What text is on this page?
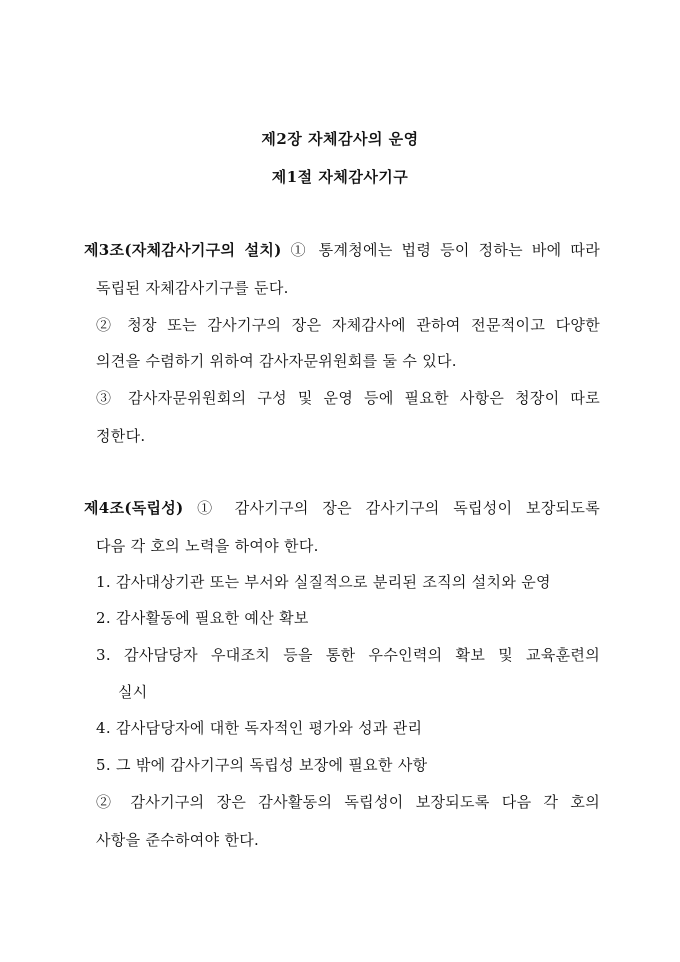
제2장 자체감사의 운영
제1절 자체감사기구
제3조(자체감사기구의 설치) ① 통계청에는 법령 등이 정하는 바에 따라
독립된 자체감사기구를 둔다.
② 청장 또는 감사기구의 장은 자체감사에 관하여 전문적이고 다양한
의견을 수렴하기 위하여 감사자문위원회를 둘 수 있다.
③ 감사자문위원회의 구성 및 운영 등에 필요한 사항은 청장이 따로
정한다.
제4조(독립성) ① 감사기구의 장은 감사기구의 독립성이 보장되도록
다음 각 호의 노력을 하여야 한다.
1. 감사대상기관 또는 부서와 실질적으로 분리된 조직의 설치와 운영
2. 감사활동에 필요한 예산 확보
3. 감사담당자 우대조치 등을 통한 우수인력의 확보 및 교육훈련의
실시
4. 감사담당자에 대한 독자적인 평가와 성과 관리
5. 그 밖에 감사기구의 독립성 보장에 필요한 사항
② 감사기구의 장은 감사활동의 독립성이 보장되도록 다음 각 호의
사항을 준수하여야 한다.
